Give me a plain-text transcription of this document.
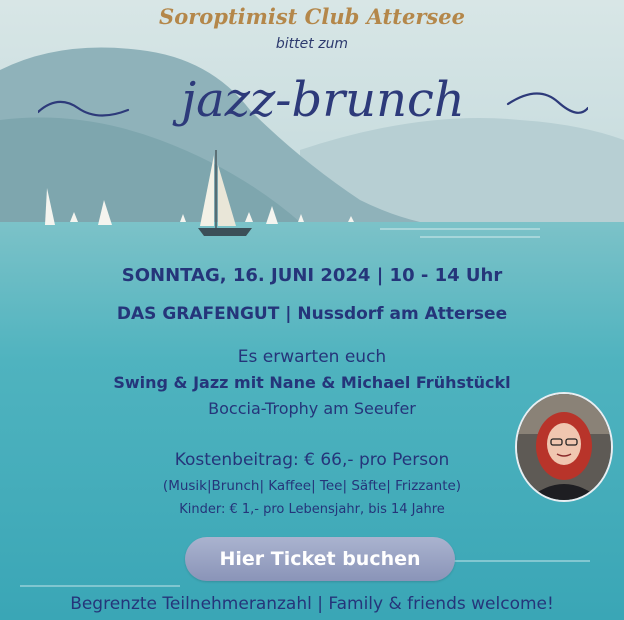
Soroptimist Club Attersee
bittet zum
jazz-brunch
SONNTAG, 16. JUNI 2024 | 10 - 14 Uhr
DAS GRAFENGUT | Nussdorf am Attersee
Es erwarten euch
Swing & Jazz mit Nane & Michael Frühstückl
Boccia-Trophy am Seeufer
Kostenbeitrag: € 66,- pro Person
(Musik|Brunch| Kaffee| Tee| Säfte| Frizzante)
Kinder: € 1,- pro Lebensjahr, bis 14 Jahre
Hier Ticket buchen
Begrenzte Teilnehmeranzahl | Family & friends welcome!
